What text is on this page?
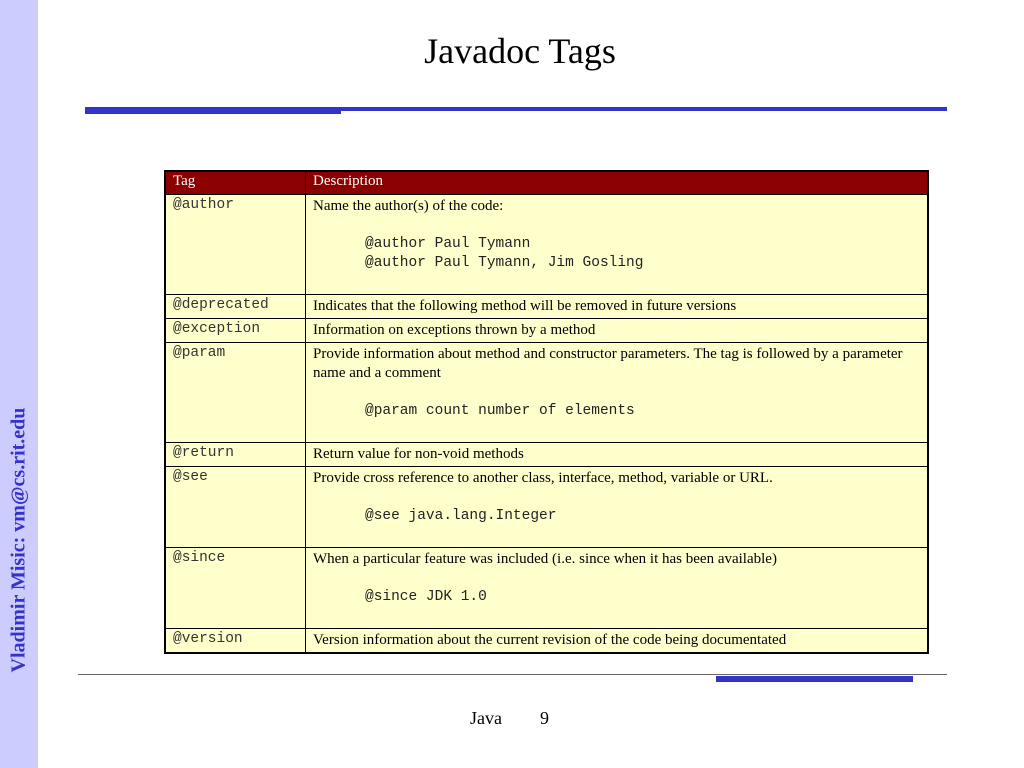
Vladimir Misic: vm@cs.rit.edu
Javadoc Tags
Tag	Description
@author	Name the author(s) of the code:
@author Paul Tymann
@author Paul Tymann, Jim Gosling

@deprecated	Indicates that the following method will be removed in future versions

@exception	Information on exceptions thrown by a method

@param	Provide information about method and constructor parameters. The tag is followed by a parameter name and a comment
@param count number of elements

@return	Return value for non-void methods

@see	Provide cross reference to another class, interface, method, variable or URL.
@see java.lang.Integer

@since	When a particular feature was included (i.e. since when it has been available)
@since JDK 1.0

@version	Version information about the current revision of the code being documentated
Java 9
